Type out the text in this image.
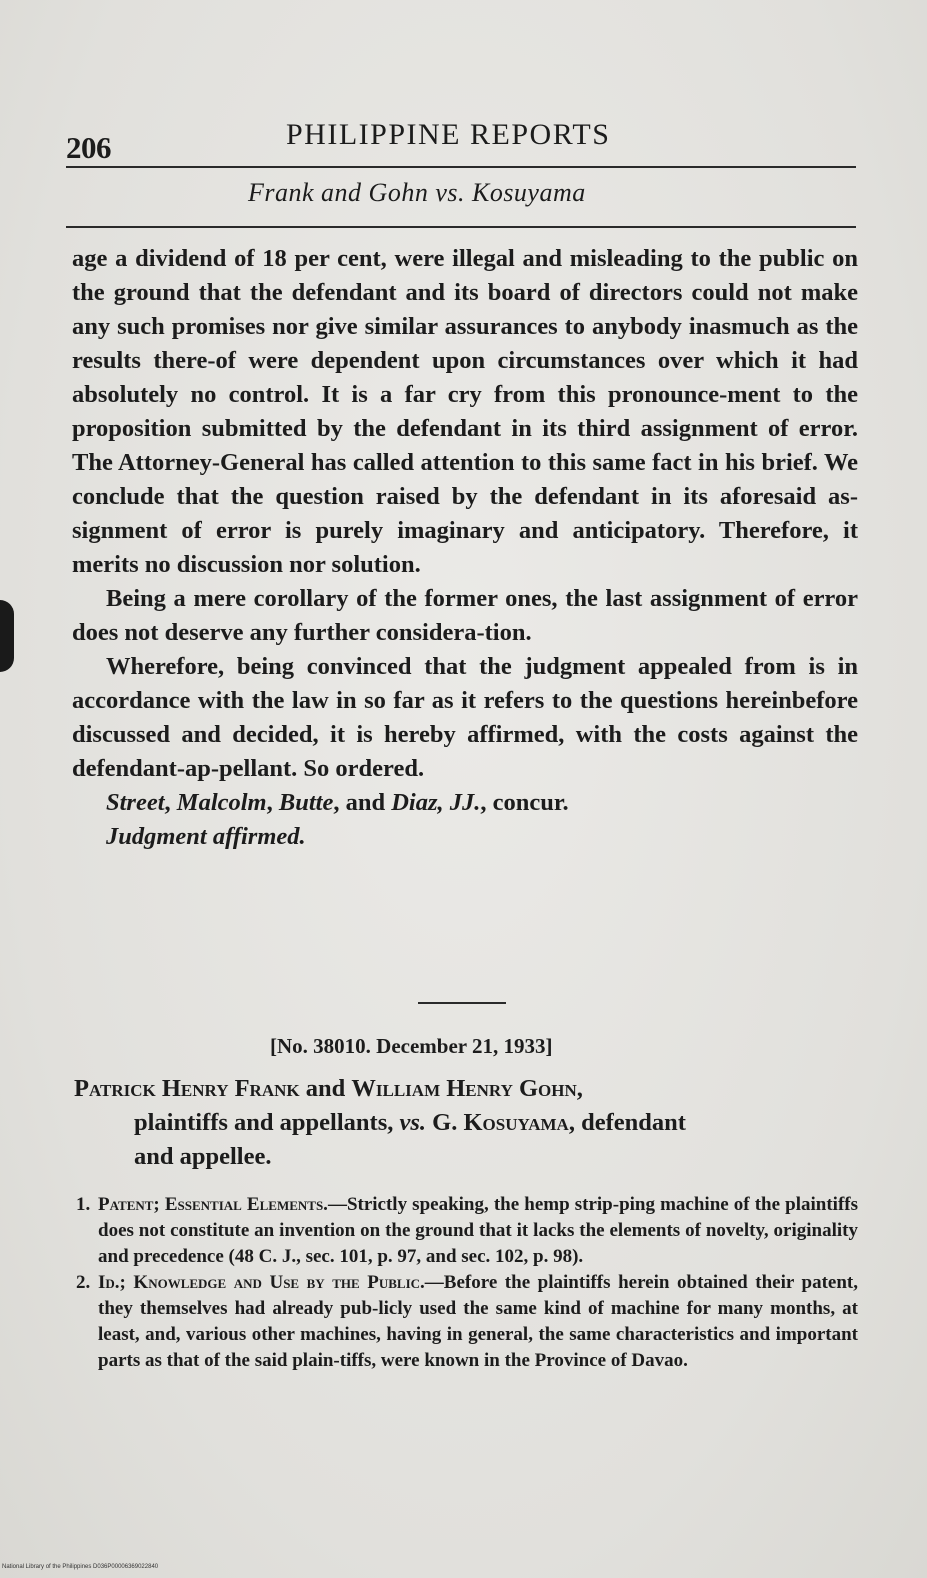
206	PHILIPPINE REPORTS
Frank and Gohn vs. Kosuyama

age a dividend of 18 per cent, were illegal and misleading to the public on the ground that the defendant and its board of directors could not make any such promises nor give similar assurances to anybody inasmuch as the results there-of were dependent upon circumstances over which it had absolutely no control. It is a far cry from this pronounce-ment to the proposition submitted by the defendant in its third assignment of error. The Attorney-General has called attention to this same fact in his brief. We conclude that the question raised by the defendant in its aforesaid as-signment of error is purely imaginary and anticipatory. Therefore, it merits no discussion nor solution.

Being a mere corollary of the former ones, the last assignment of error does not deserve any further considera-tion.

Wherefore, being convinced that the judgment appealed from is in accordance with the law in so far as it refers to the questions hereinbefore discussed and decided, it is hereby affirmed, with the costs against the defendant-ap-pellant. So ordered.

Street, Malcolm, Butte, and Diaz, JJ., concur.

Judgment affirmed.

[No. 38010. December 21, 1933]
Patrick Henry Frank and William Henry Gohn,
plaintiffs and appellants, vs. G. Kosuyama, defendant
and appellee.
1. Patent; Essential Elements.—Strictly speaking, the hemp strip-ping machine of the plaintiffs does not constitute an invention on the ground that it lacks the elements of novelty, originality and precedence (48 C. J., sec. 101, p. 97, and sec. 102, p. 98).
2. Id.; Knowledge and Use by the Public.—Before the plaintiffs herein obtained their patent, they themselves had already pub-licly used the same kind of machine for many months, at least, and, various other machines, having in general, the same characteristics and important parts as that of the said plain-tiffs, were known in the Province of Davao.
National Library of the Philippines D036P00006369022840
